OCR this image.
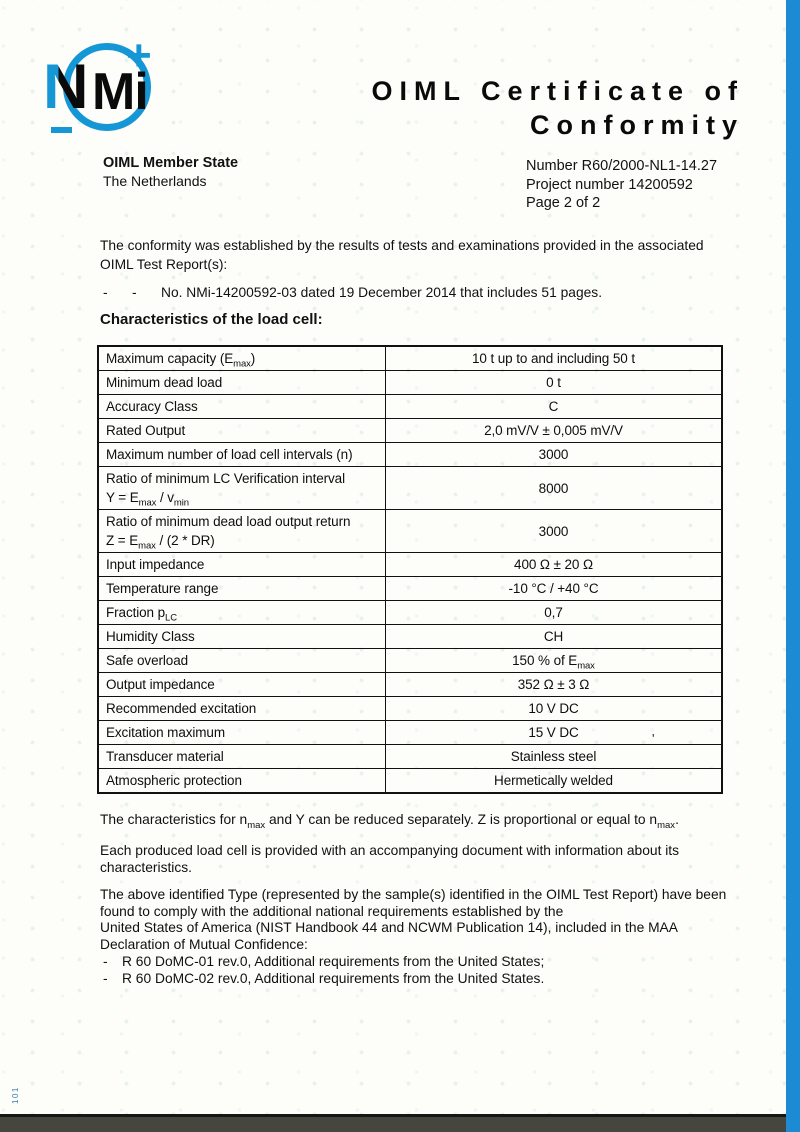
+
N Mi	OIML Certificate of
Conformity
OIML Member State
The Netherlands
Number R60/2000-NL1-14.27
Project number 14200592
Page 2 of 2
The conformity was established by the results of tests and examinations provided in the associated
OIML Test Report(s):
- - No. NMi-14200592-03 dated 19 December 2014 that includes 51 pages.
Characteristics of the load cell:
Maximum capacity $(E_{max})$	10 t up to and including 50 t
Minimum dead load	0 t
Accuracy Class	C
Rated Output	2,0 mV/V ± 0,005 mV/V
Maximum number of load cell intervals (n)	3000
Ratio of minimum LC Verification interval
$Y = E_{max} / v_{min}$	8000
Ratio of minimum dead load output return
$Z = E_{max} / (2 * DR)$	3000
Input impedance	400 Ω ± 20 Ω
Temperature range	-10 °C / +40 °C
Fraction $p_{LC}$	0,7
Humidity Class	CH
Safe overload	150 % of $E_{max}$
Output impedance	352 Ω ± 3 Ω
Recommended excitation	10 V DC
Excitation maximum	15 V DC
Transducer material	Stainless steel
Atmospheric protection	Hermetically welded
The characteristics for $n_{max}$ and Y can be reduced separately. Z is proportional or equal to $n_{max}$.
Each produced load cell is provided with an accompanying document with information about its
characteristics.
The above identified Type (represented by the sample(s) identified in the OIML Test Report) have been
found to comply with the additional national requirements established by the
United States of America (NIST Handbook 44 and NCWM Publication 14), included in the MAA
Declaration of Mutual Confidence:
-	R 60 DoMC-01 rev.0, Additional requirements from the United States;
-	R 60 DoMC-02 rev.0, Additional requirements from the United States.
'
101
